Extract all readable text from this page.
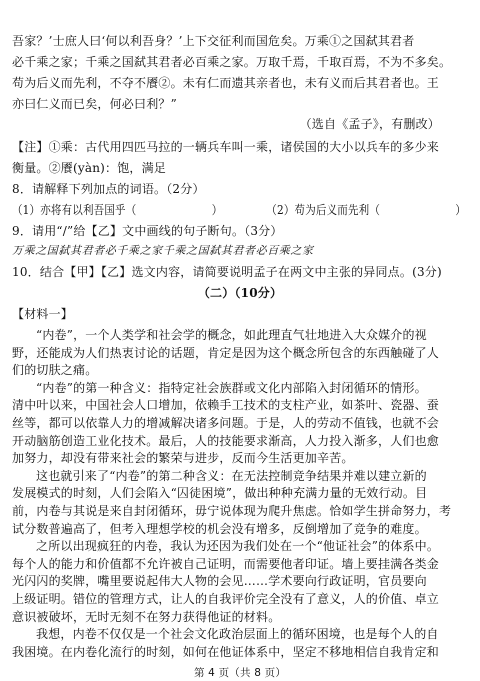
吾家？’士庶人曰‘何以利吾身？’上下交征利而国危矣。万乘①之国弑其君者
必千乘之家；千乘之国弑其君者必百乘之家。万取千焉，千取百焉，不为不多矣。
苟为后义而先利，不夺不餍②。未有仁而遗其亲者也，未有义而后其君者也。王
亦曰仁义而已矣，何必曰利？”
（选自《孟子》，有删改）
【注】①乘：古代用四匹马拉的一辆兵车叫一乘，诸侯国的大小以兵车的多少来
衡量。②餍(yàn)：饱，满足
8．请解释下列加点的词语。（2分）
（1）亦将有以利吾国乎（	）	（2）苟为后义而先利（	）
9．请用“/”给【乙】文中画线的句子断句。（3分）
万乘之国弑其君者必千乘之家千乘之国弑其君者必百乘之家
10．结合【甲】【乙】选文内容，请简要说明孟子在两文中主张的异同点。(3分)
（二）（10分）
【材料一】
“内卷”，一个人类学和社会学的概念，如此理直气壮地进入大众媒介的视
野，还能成为人们热衷讨论的话题，肯定是因为这个概念所包含的东西触碰了人
们的切肤之痛。
“内卷”的第一种含义：指特定社会族群或文化内部陷入封闭循环的情形。
清中叶以来，中国社会人口增加，依赖手工技术的支柱产业，如茶叶、瓷器、蚕
丝等，都可以依靠人力的增减解决诸多问题。于是，人的劳动不值钱，也就不会
开动脑筋创造工业化技术。最后，人的技能要求渐高，人力投入渐多，人们也愈
加努力，却没有带来社会的繁荣与进步，反而今生活更加辛苦。
这也就引来了“内卷”的第二种含义：在无法控制竞争结果并难以建立新的
发展模式的时刻，人们会陷入“囚徒困境”，做出种种充满力量的无效行动。目
前，内卷与其说是来自封闭循环，毋宁说体现为爬升焦虑。恰如学生拼命努力，考
试分数普遍高了，但考入理想学校的机会没有增多，反倒增加了竞争的难度。
之所以出现疯狂的内卷，我认为还因为我们处在一个“他证社会”的体系中。
每个人的能力和价值都不允许被自己证明，而需要他者印证。墙上要挂满各类金
光闪闪的奖牌，嘴里要说起伟大人物的会见……学术要向行政证明，官员要向
上级证明。错位的管理方式，让人的自我评价完全没有了意义，人的价值、卓立
意识被破坏，无时无刻不在努力获得他证的材料。
我想，内卷不仅仅是一个社会文化政治层面上的循环困境，也是每个人的自
我困境。在内卷化流行的时刻，如何在他证体系中，坚定不移地相信自我肯定和
第 4 页（共 8 页）
